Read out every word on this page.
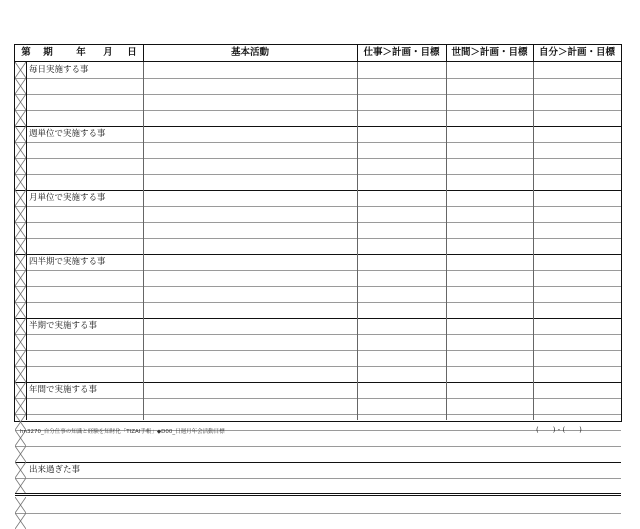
第	期	年	月	日	基本活動	仕事＞計画・目標	世間＞計画・目標	自分＞計画・目標
毎日実施する事
週単位で実施する事
月単位で実施する事
四半期で実施する事
半期で実施する事
年間で実施する事
出来過ぎた事
hn3270_自分仕事の知識と経験を知財化「TIZAI手帳」◆D00_日週月年会活動目標	(　　) - (　　)
